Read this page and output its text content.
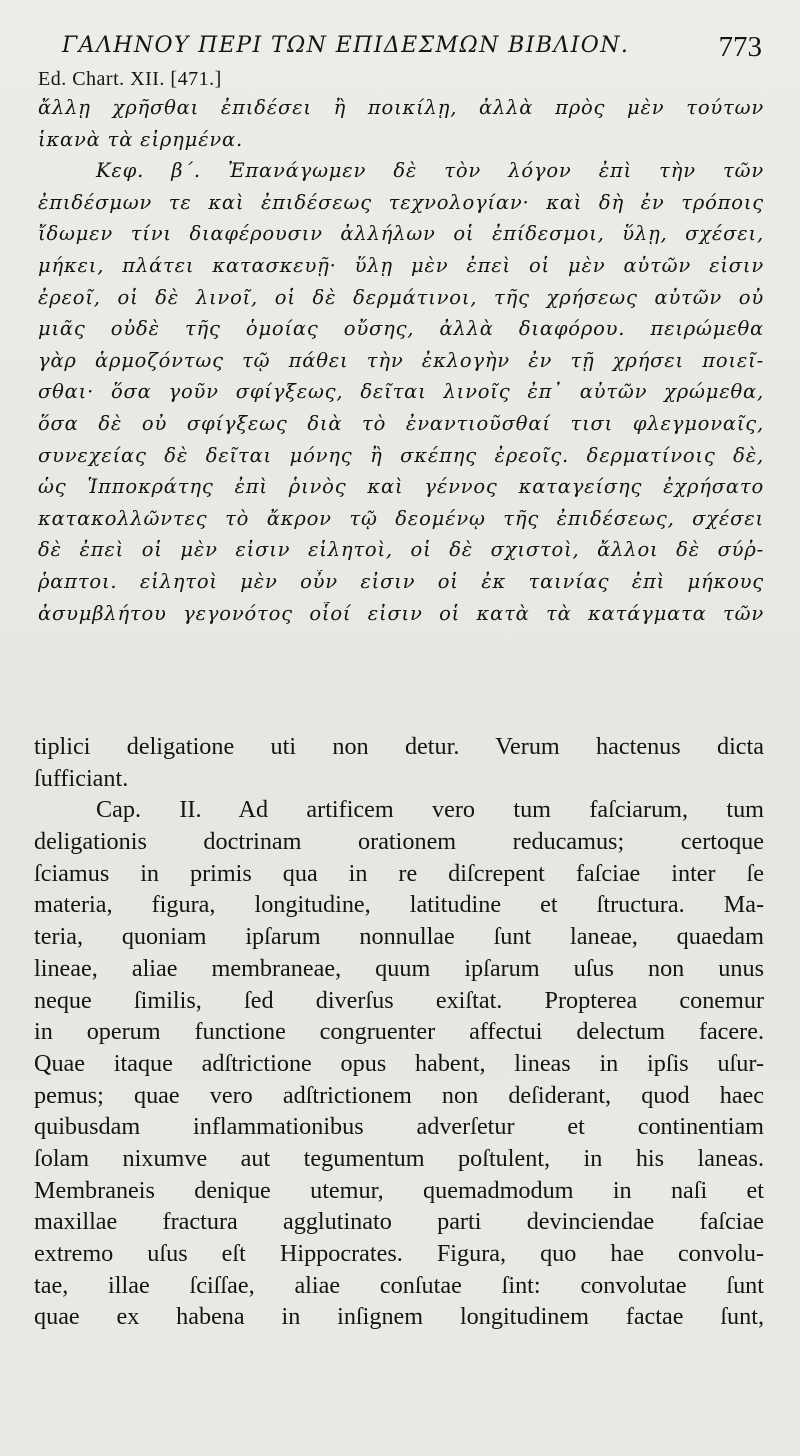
ΓΑΛΗΝΟΥ ΠΕΡΙ ΤΩΝ ΕΠΙΔΕΣΜΩΝ ΒΙΒΛΙΟΝ.	773
Ed. Chart. XII. [471.]
ἄλλῃ χρῆσθαι ἐπιδέσει ἢ ποικίλῃ, ἀλλὰ πρὸς μὲν τούτων
ἱκανὰ τὰ εἰρημένα.
Κεφ. β΄. Ἐπανάγωμεν δὲ τὸν λόγον ἐπὶ τὴν τῶν
ἐπιδέσμων τε καὶ ἐπιδέσεως τεχνολογίαν· καὶ δὴ ἐν τρόποις
ἴδωμεν τίνι διαφέρουσιν ἀλλήλων οἱ ἐπίδεσμοι, ὕλῃ, σχέσει,
μήκει, πλάτει κατασκευῇ· ὕλῃ μὲν ἐπεὶ οἱ μὲν αὐτῶν εἰσιν
ἐρεοῖ, οἱ δὲ λινοῖ, οἱ δὲ δερμάτινοι, τῆς χρήσεως αὐτῶν οὐ
μιᾶς οὐδὲ τῆς ὁμοίας οὔσης, ἀλλὰ διαφόρου. πειρώμεθα
γὰρ ἁρμοζόντως τῷ πάθει τὴν ἐκλογὴν ἐν τῇ χρήσει ποιεῖ-
σθαι· ὅσα γοῦν σφίγξεως, δεῖται λινοῖς ἐπ᾽ αὐτῶν χρώμεθα,
ὅσα δὲ οὐ σφίγξεως διὰ τὸ ἐναντιοῦσθαί τισι φλεγμοναῖς,
συνεχείας δὲ δεῖται μόνης ἢ σκέπης ἐρεοῖς. δερματίνοις δὲ,
ὡς Ἱπποκράτης ἐπὶ ῥινὸς καὶ γέννος καταγείσης ἐχρήσατο
κατακολλῶντες τὸ ἄκρον τῷ δεομένῳ τῆς ἐπιδέσεως, σχέσει
δὲ ἐπεὶ οἱ μὲν εἰσιν εἱλητοὶ, οἱ δὲ σχιστοὶ, ἄλλοι δὲ σύῤ-
ῥαπτοι. εἱλητοὶ μὲν οὖν εἰσιν οἱ ἐκ ταινίας ἐπὶ μήκους
ἀσυμβλήτου γεγονότος οἷοί εἰσιν οἱ κατὰ τὰ κατάγματα τῶν
tiplici deligatione uti non detur. Verum hactenus dicta
ſufficiant.
Cap. II. Ad artificem vero tum faſciarum, tum
deligationis doctrinam orationem reducamus; certoque
ſciamus in primis qua in re diſcrepent faſciae inter ſe
materia, figura, longitudine, latitudine et ſtructura. Ma-
teria, quoniam ipſarum nonnullae ſunt laneae, quaedam
lineae, aliae membraneae, quum ipſarum uſus non unus
neque ſimilis, ſed diverſus exiſtat. Propterea conemur
in operum functione congruenter affectui delectum facere.
Quae itaque adſtrictione opus habent, lineas in ipſis uſur-
pemus; quae vero adſtrictionem non deſiderant, quod haec
quibusdam inflammationibus adverſetur et continentiam
ſolam nixumve aut tegumentum poſtulent, in his laneas.
Membraneis denique utemur, quemadmodum in naſi et
maxillae fractura agglutinato parti devinciendae faſciae
extremo uſus eſt Hippocrates. Figura, quo hae convolu-
tae, illae ſciſſae, aliae conſutae ſint: convolutae ſunt
quae ex habena in inſignem longitudinem factae ſunt,
